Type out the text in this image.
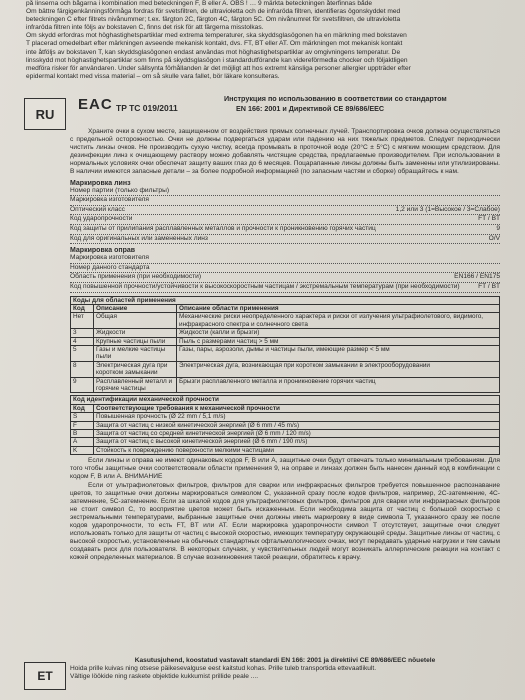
på linserna och bågarna i kombination med beteckningen F, B eller A. OBS ! … 9 märkta beteckningen återfinnas både

Om bättre färgigenkänningsförmåga fordras för svetsfiltren, de ultraviolettа och de infraröda filtren, identifieras ögonskyddet med

beteckningen C efter filtrets nivånummer; t.ex. färgton 2C, färgton 4C, färgton 5C. Om nivånumret för svetsfiltren, de ultravioletta

infraröda filtren inte följs av bokstaven C, finns det risk för att färgerna misstolkas.

Om skydd erfordras mot höghastighetspartiklar med extrema temperaturer, ska skyddsglasögonen ha en märkning med bokstaven

T placerad omedelbart efter märkningen avseende mekanisk kontakt, dvs. FT, BT eller AT. Om märkningen mot mekanisk kontakt

inte åtföljs av bokstaven T, kan skyddsglasögonen endast användas mot höghastighetspartiklar av omgivningens temperatur. De

linsskydd mot höghastighetspartiklar som finns på skyddsglasögon i standardutförande kan videreförmedla chocker och följaktligen

medföra risker för användaren. Under sällsynta förhållanden är det möjligt att hos extremt känsliga personer allergier uppträder efter

epidermal kontakt med vissa material – om så skulle vara fallet, bör läkare konsulteras.

RU
EAC TP TC 019/2011
Инструкция по использованию в соответствии со стандартом
EN 166: 2001 и Директивой CE 89/686/EEC

Храните очки в сухом месте, защищенном от воздействия прямых солнечных лучей. Транспортировка очков должна осуществляться с предельной осторожностью. Очки не должны подвергаться ударам или падению на них тяжелых предметов. Следует периодически чистить линзы очков. Не производить сухую чистку, всегда промывать в проточной воде (20°С ± 5°С) с мягким моющим средством. Для дезинфекции линз к очищающему раствору можно добавлять чистящие средства, предлагаемые производителем. При использовании в нормальных условиях очки обеспечат защиту ваших глаз до 6 месяцев. Поцарапанные линзы должны быть заменены или утилизированы. В наличии имеются запасные детали – за более подробной информацией (по запасным частям и сборке) обращайтесь к нам.

Маркировка линз
Номер партии (только фильтры)
Маркировка изготовителя
Оптический класс	1,2 или 3 (1=Высокое / 3=Слабое)
Код ударопрочности	FT / BT
Код защиты от прилипания расплавленных металлов и прочности к проникновению горячих частиц	9
Код для оригинальных или замененных линз	O/V
Маркировка оправ
Маркировка изготовителя
Номер данного стандарта
Область применения (при необходимости)	EN166 / EN175
Код повышенной прочности/устойчивости к высокоскоростным частицам / экстремальным температурам (при необходимости)	FT / BT
Коды для областей применения		
Код	Описание	Описание области применения
Нет	Общая	Механические риски неопределенного характера и риски от излучения ультрафиолетового, видимого, инфракрасного спектра и солнечного света
3	Жидкости	Жидкости (капли и брызги)
4	Крупные частицы пыли	Пыль с размерами частиц > 5 мм
5	Газы и мелкие частицы пыли	Газы, пары, аэрозоли, дымы и частицы пыли, имеющие размер < 5 мм
8	Электрическая дуга при коротком замыкании	Электрическая дуга, возникающая при коротком замыкании в электрооборудовании
9	Расплавленный металл и горячие частицы	Брызги расплавленного металла и проникновение горячих частиц
Код идентификации механической прочности	
Код	Соответствующие требования к механической прочности
S	Повышенная прочность (Ø 22 mm / 5,1 m/s)
F	Защита от частиц с низкой кинетической энергией (Ø 6 mm / 45 m/s)
B	Защита от частиц со средней кинетической энергией (Ø 6 mm / 120 m/s)
A	Защита от частиц с высокой кинетической энергией (Ø 6 mm / 190 m/s)
K	Стойкость к повреждению поверхности мелкими частицами

Если линзы и оправа не имеют одинаковых кодов F, B или A, защитные очки будут отвечать только минимальным требованиям. Для того чтобы защитные очки соответствовали области применения 9, на оправе и линзах должен быть нанесен данный код в комбинации с кодом F, B или A. ВНИМАНИЕ

Если от ультрафиолетовых фильтров, фильтров для сварки или инфракрасных фильтров требуется повышенное распознавание цветов, то защитные очки должны маркироваться символом С, указанной сразу после кодов фильтров, например, 2С-затемнение, 4С-затемнение, 5С-затемнение. Если за шкалой кодов для ультрафиолетовых фильтров, фильтров для сварки или инфракрасных фильтров не стоит символ С, то восприятие цветов может быть искаженным. Если необходима защита от частиц с большой скоростью с экстремальными температурами, выбранные защитные очки должны иметь маркировку в виде символа Т, указанного сразу же после кодов ударопрочности, то есть FT, BT или AT. Если маркировка ударопрочности символ Т отсутствует, защитные очки следует использовать только для защиты от частиц с высокой скоростью, имеющих температуру окружающей среды. Защитные линзы от частиц, с высокой скоростью, установленные на обычных стандартных офтальмологических очках, могут передавать ударные нагрузки и тем самым создавать риск для пользователя. В некоторых случаях, у чувствительных людей могут возникать аллергические реакции на контакт с кожей определенных материалов. В случае возникновения такой реакции, обратитесь к врачу.

ET
Kasutusjuhend, koostatud vastavalt standardi EN 166: 2001 ja direktiivi CE 89/686/EEC nõuetele
Hoida prille kuivas ning otsese päikesevalguse eest kaitstud kohas. Prille tuleb transportida ettevaatlikult.
Vältige löökide ning raskete objektide kukkumist prillide peale ....
